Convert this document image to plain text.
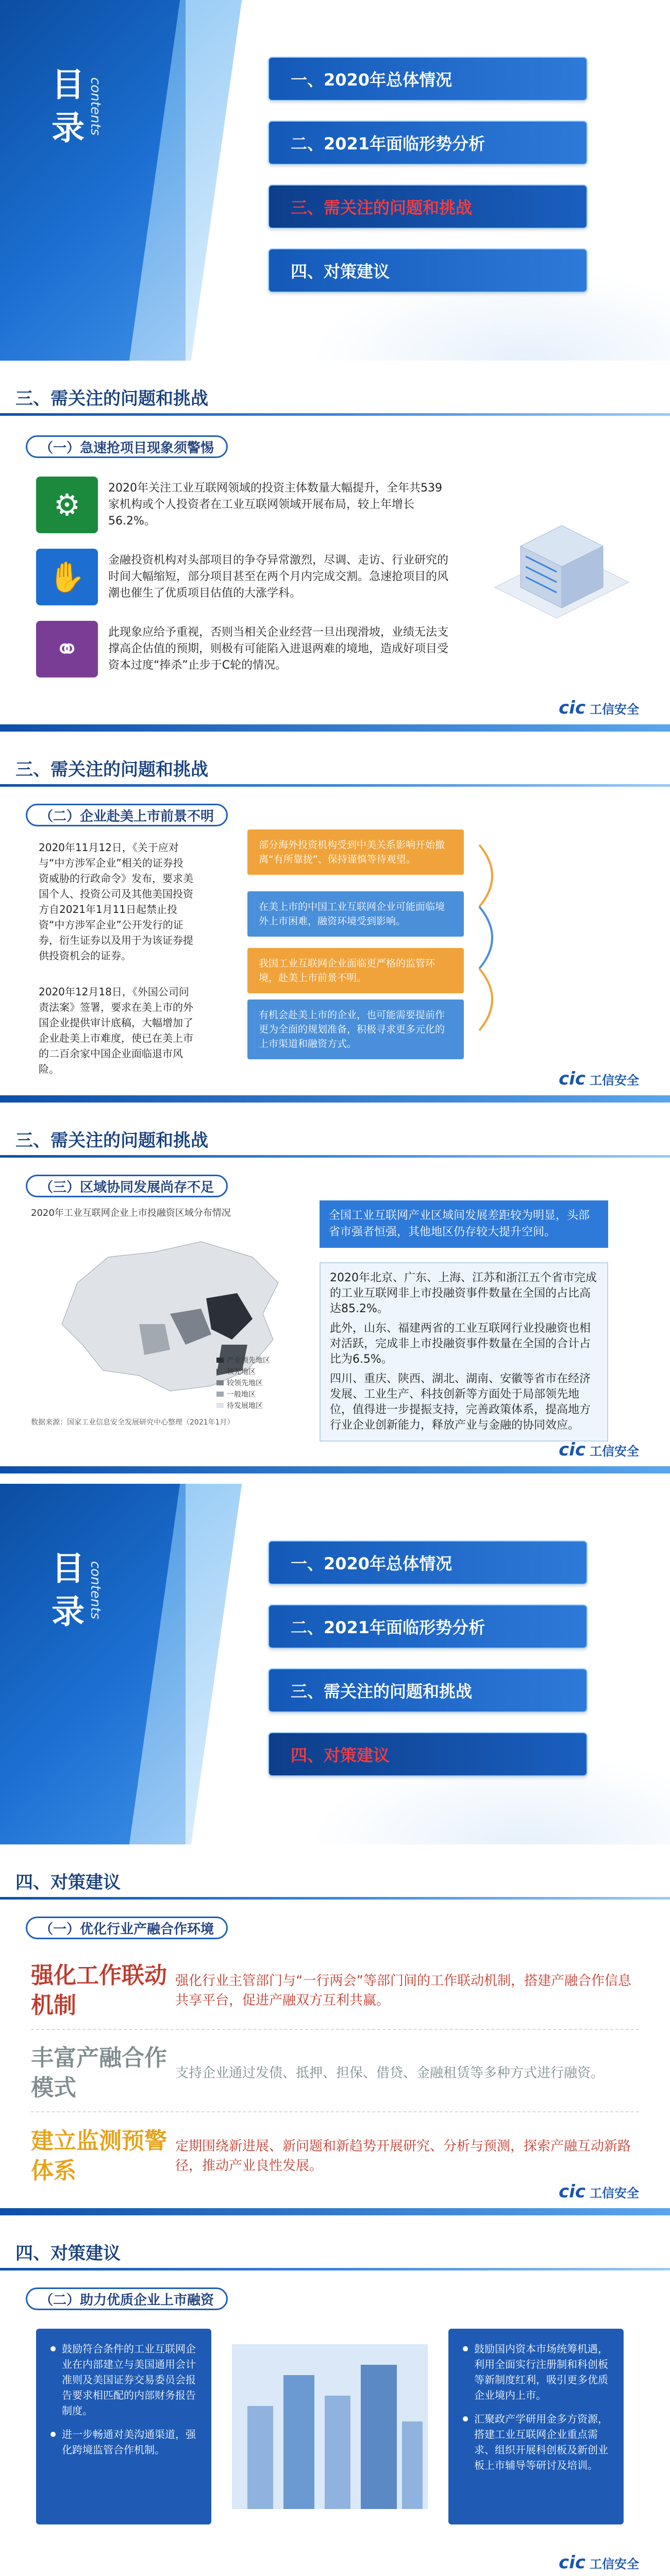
目录 contents	一、2020年总体情况
二、2021年面临形势分析
三、需关注的问题和挑战
四、对策建议
三、需关注的问题和挑战
（一）急速抢项目现象须警惕
⚙	2020年关注工业互联网领域的投资主体数量大幅提升，全年共539家机构或个人投资者在工业互联网领域开展布局，较上年增长56.2%。
✋	金融投资机构对头部项目的争夺异常激烈，尽调、走访、行业研究的时间大幅缩短，部分项目甚至在两个月内完成交割。急速抢项目的风潮也催生了优质项目估值的大涨学科。
⚭	此现象应给予重视，否则当相关企业经营一旦出现滑坡，业绩无法支撑高企估值的预期，则极有可能陷入进退两难的境地，造成好项目受资本过度“捧杀”止步于C轮的情况。
cic 工信安全
三、需关注的问题和挑战
（二）企业赴美上市前景不明
2020年11月12日，《关于应对与“中方涉军企业”相关的证券投资威胁的行政命令》发布，要求美国个人、投资公司及其他美国投资方自2021年1月11日起禁止投资“中方涉军企业”公开发行的证券，衍生证券以及用于为该证券提供投资机会的证券。
2020年12月18日，《外国公司问责法案》签署，要求在美上市的外国企业提供审计底稿，大幅增加了企业赴美上市难度，使已在美上市的二百余家中国企业面临退市风险。
部分海外投资机构受到中美关系影响开始撤离“有所靠拢”、保持谨慎等待观望。
在美上市的中国工业互联网企业可能面临境外上市困难，融资环境受到影响。
我国工业互联网企业面临更严格的监管环境，赴美上市前景不明。
有机会赴美上市的企业，也可能需要提前作更为全面的规划准备，积极寻求更多元化的上市渠道和融资方式。
cic 工信安全
三、需关注的问题和挑战
（三）区域协同发展尚存不足
2020年工业互联网企业上市投融资区域分布情况
产业领先地区
领先地区
较领先地区
一般地区
待发展地区
数据来源：国家工业信息安全发展研究中心整理（2021年1月）
全国工业互联网产业区域间发展差距较为明显，头部省市强者恒强，其他地区仍存较大提升空间。
2020年北京、广东、上海、江苏和浙江五个省市完成的工业互联网非上市投融资事件数量在全国的占比高达85.2%。
此外，山东、福建两省的工业互联网行业投融资也相对活跃，完成非上市投融资事件数量在全国的合计占比为6.5%。
四川、重庆、陕西、湖北、湖南、安徽等省市在经济发展、工业生产、科技创新等方面处于局部领先地位，值得进一步提振支持，完善政策体系，提高地方行业企业创新能力，释放产业与金融的协同效应。
cic 工信安全
目录 contents	一、2020年总体情况
二、2021年面临形势分析
三、需关注的问题和挑战
四、对策建议
四、对策建议
（一）优化行业产融合作环境
强化工作联动机制
强化行业主管部门与“一行两会”等部门间的工作联动机制，搭建产融合作信息共享平台，促进产融双方互利共赢。
丰富产融合作模式
支持企业通过发债、抵押、担保、借贷、金融租赁等多种方式进行融资。
建立监测预警体系
定期围绕新进展、新问题和新趋势开展研究、分析与预测，探索产融互动新路径，推动产业良性发展。
cic 工信安全
四、对策建议
（二）助力优质企业上市融资
鼓励符合条件的工业互联网企业在内部建立与美国通用会计准则及美国证券交易委员会报告要求相匹配的内部财务报告制度。
进一步畅通对美沟通渠道，强化跨境监管合作机制。
鼓励国内资本市场统筹机遇，利用全面实行注册制和科创板等新制度红利，吸引更多优质企业境内上市。
汇聚政产学研用金多方资源，搭建工业互联网企业重点需求、组织开展科创板及新创业板上市辅导等研讨及培训。
cic 工信安全
